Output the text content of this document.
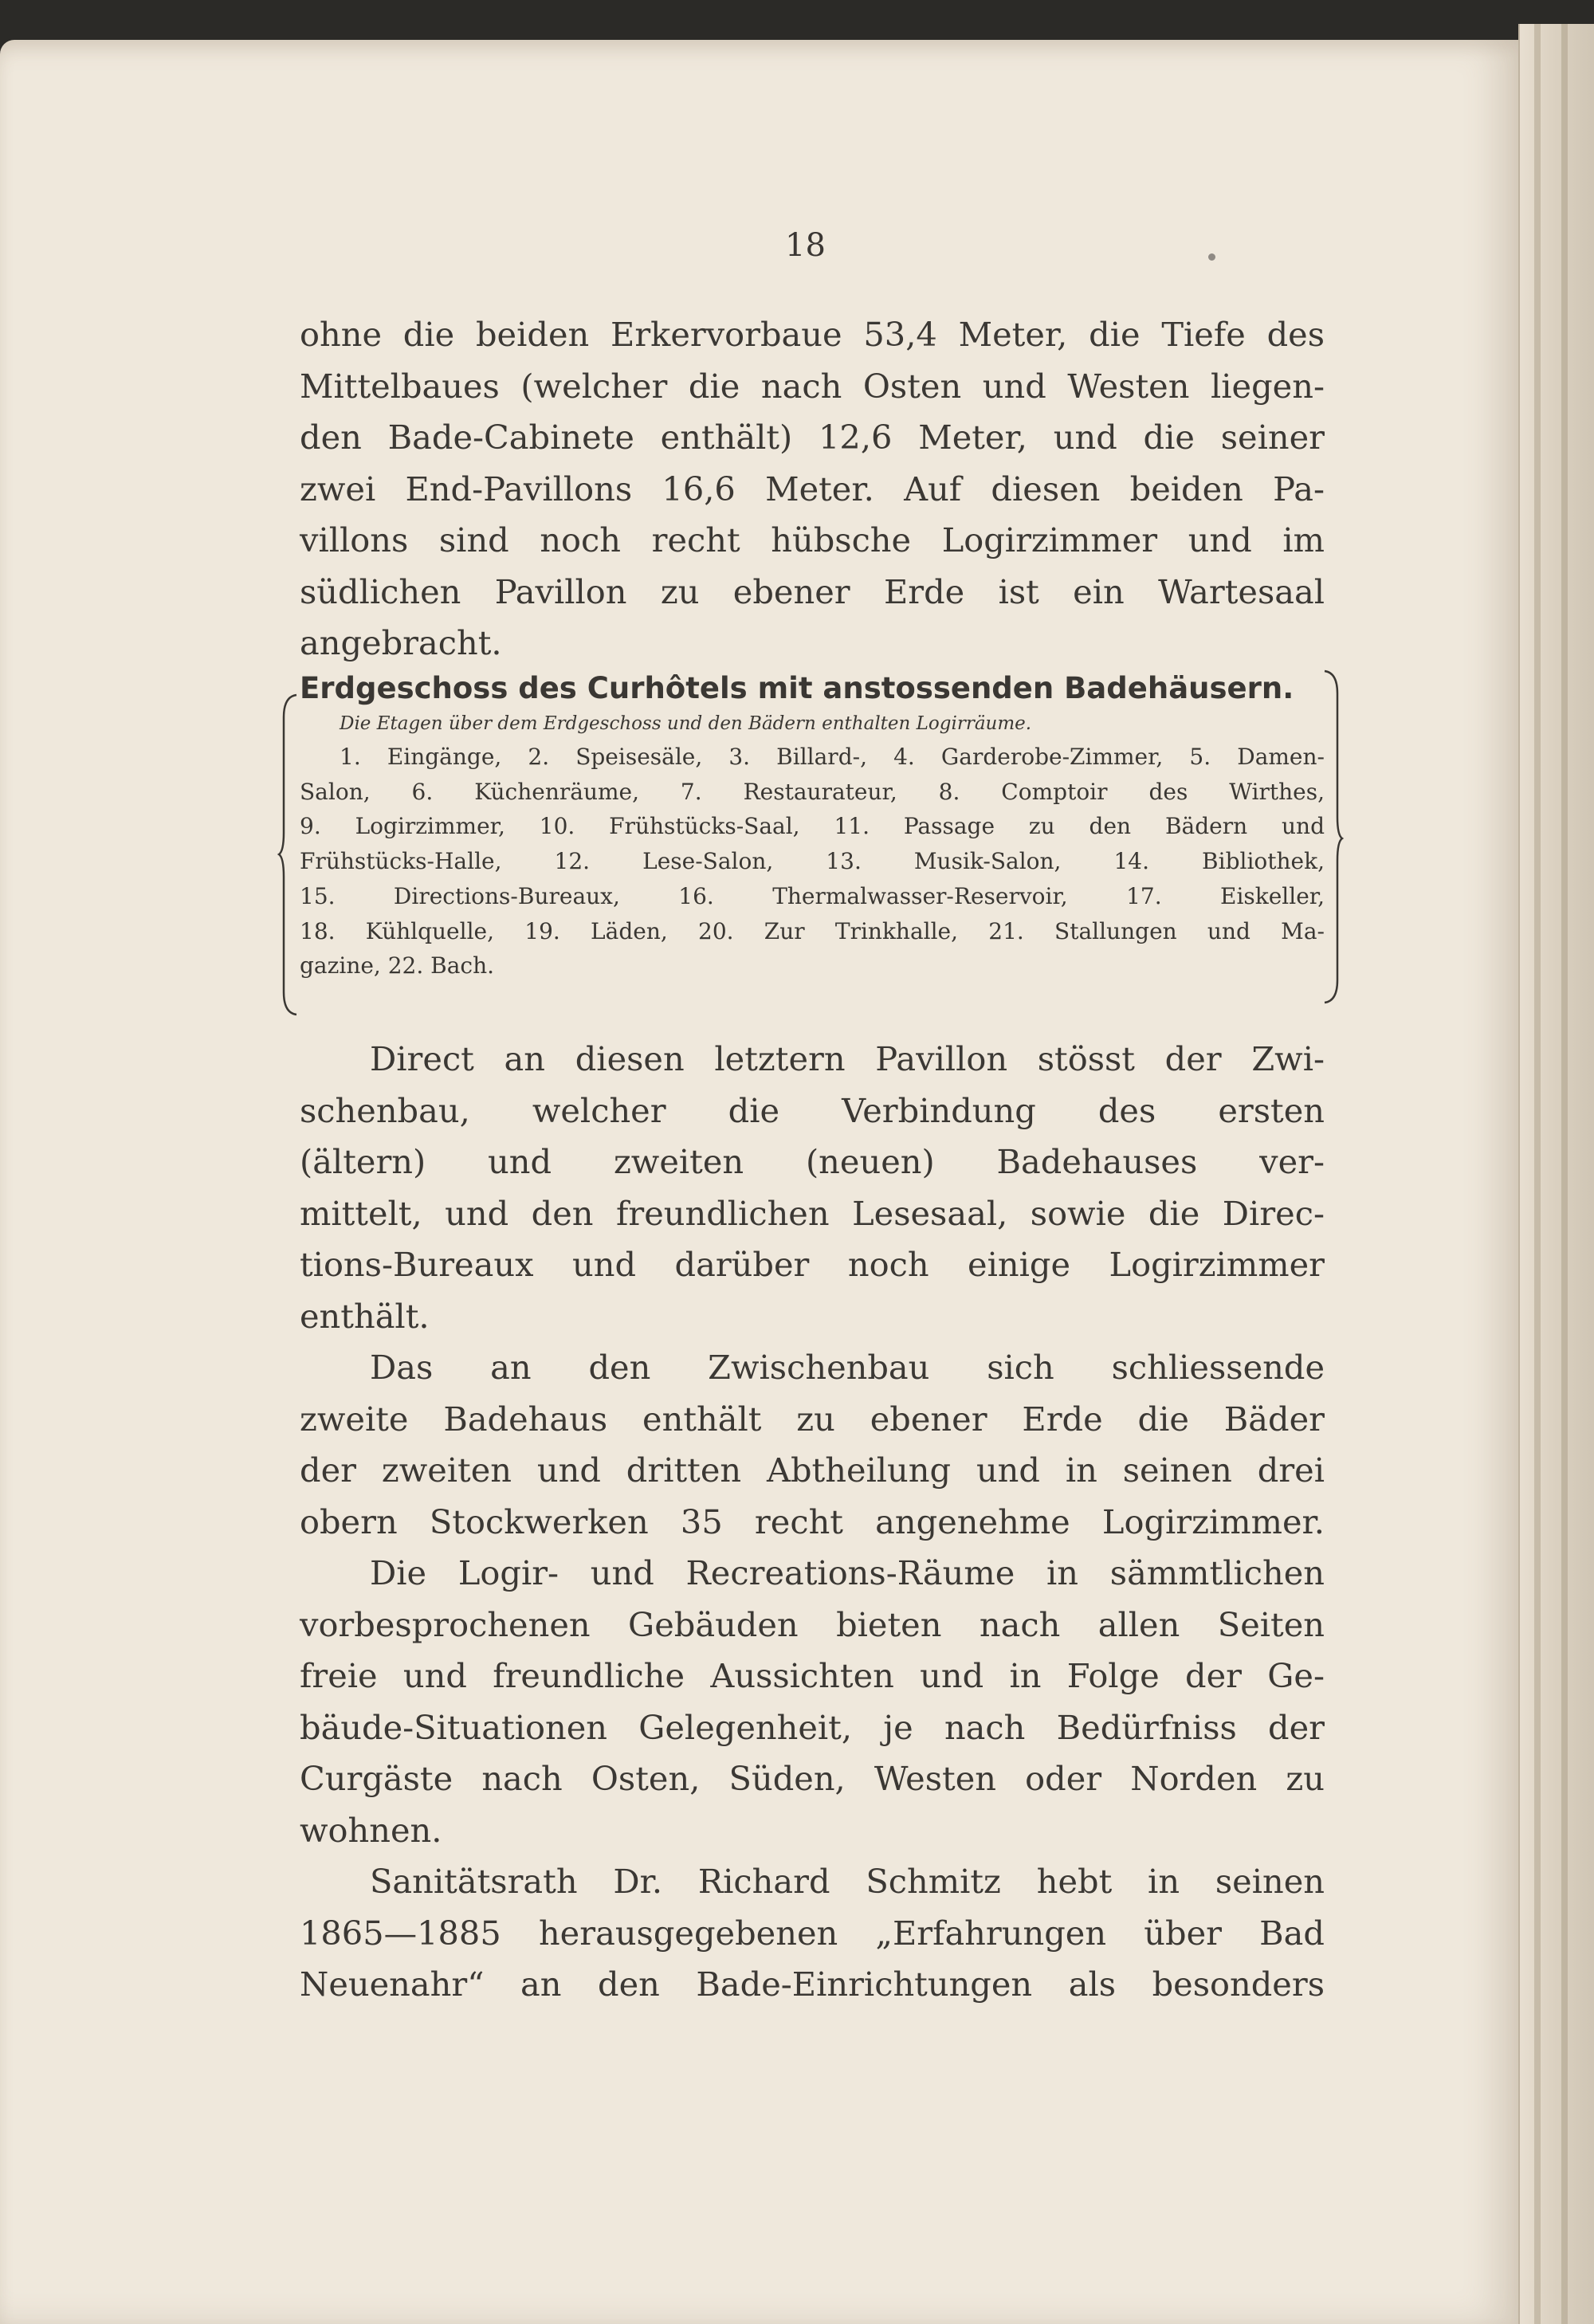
18
ohne die beiden Erkervorbaue 53,4 Meter, die Tiefe des
Mittelbaues (welcher die nach Osten und Westen liegen-
den Bade-Cabinete enthält) 12,6 Meter, und die seiner
zwei End-Pavillons 16,6 Meter. Auf diesen beiden Pa-
villons sind noch recht hübsche Logirzimmer und im
südlichen Pavillon zu ebener Erde ist ein Wartesaal
angebracht.
Erdgeschoss des Curhôtels mit anstossenden Badehäusern.
Die Etagen über dem Erdgeschoss und den Bädern enthalten Logirräume.
1. Eingänge, 2. Speisesäle, 3. Billard-, 4. Garderobe-Zimmer, 5. Damen-
Salon, 6. Küchenräume, 7. Restaurateur, 8. Comptoir des Wirthes,
9. Logirzimmer, 10. Frühstücks-Saal, 11. Passage zu den Bädern und
Frühstücks-Halle, 12. Lese-Salon, 13. Musik-Salon, 14. Bibliothek,
15. Directions-Bureaux, 16. Thermalwasser-Reservoir, 17. Eiskeller,
18. Kühlquelle, 19. Läden, 20. Zur Trinkhalle, 21. Stallungen und Ma-
gazine, 22. Bach.
Direct an diesen letztern Pavillon stösst der Zwi-
schenbau, welcher die Verbindung des ersten
(ältern) und zweiten (neuen) Badehauses ver-
mittelt, und den freundlichen Lesesaal, sowie die Direc-
tions-Bureaux und darüber noch einige Logirzimmer
enthält.
Das an den Zwischenbau sich schliessende
zweite Badehaus enthält zu ebener Erde die Bäder
der zweiten und dritten Abtheilung und in seinen drei
obern Stockwerken 35 recht angenehme Logirzimmer.
Die Logir- und Recreations-Räume in sämmtlichen
vorbesprochenen Gebäuden bieten nach allen Seiten
freie und freundliche Aussichten und in Folge der Ge-
bäude-Situationen Gelegenheit, je nach Bedürfniss der
Curgäste nach Osten, Süden, Westen oder Norden zu
wohnen.
Sanitätsrath Dr. Richard Schmitz hebt in seinen
1865—1885 herausgegebenen „Erfahrungen über Bad
Neuenahr“ an den Bade-Einrichtungen als besonders
